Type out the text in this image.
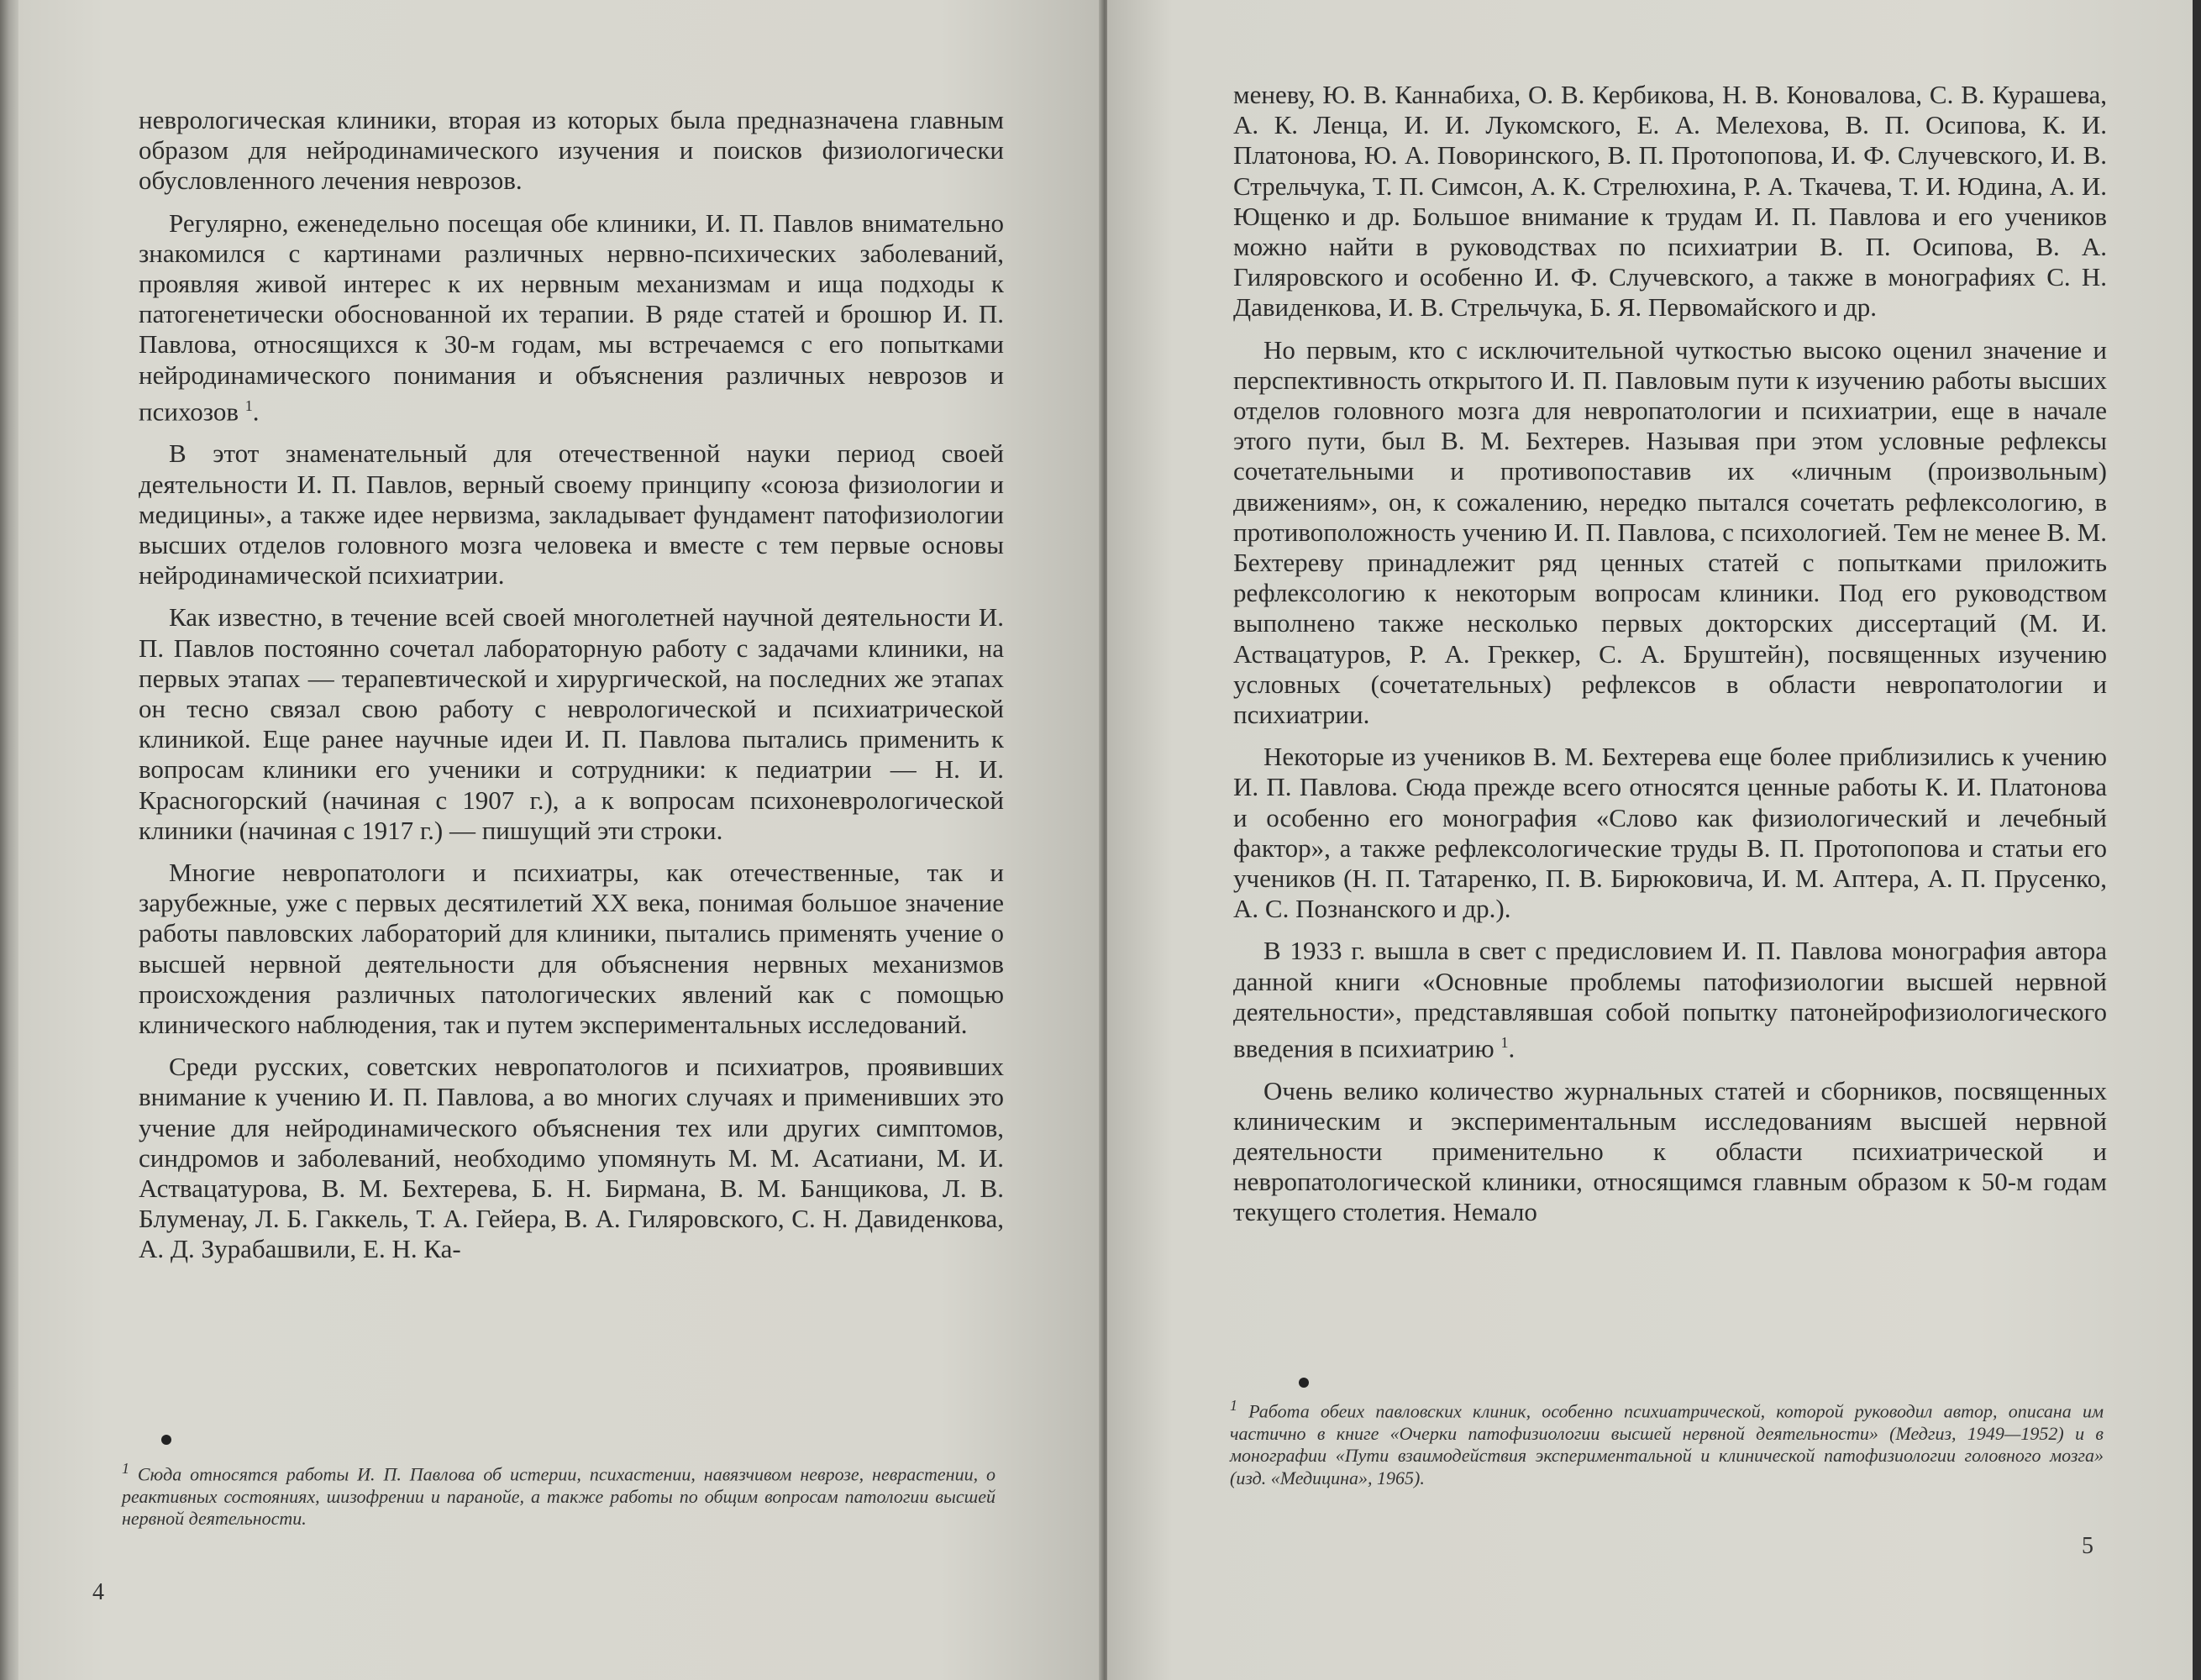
неврологическая клиники, вторая из которых была предназначена главным образом для нейродинамического изучения и поисков физиологически обусловленного лечения неврозов.

Регулярно, еженедельно посещая обе клиники, И. П. Павлов внимательно знакомился с картинами различных нервно-психических заболеваний, проявляя живой интерес к их нервным механизмам и ища подходы к патогенетически обоснованной их терапии. В ряде статей и брошюр И. П. Павлова, относящихся к 30-м годам, мы встречаемся с его попытками нейродинамического понимания и объяснения различных неврозов и психозов $^1$.

В этот знаменательный для отечественной науки период своей деятельности И. П. Павлов, верный своему принципу «союза физиологии и медицины», а также идее нервизма, закладывает фундамент патофизиологии высших отделов головного мозга человека и вместе с тем первые основы нейродинамической психиатрии.

Как известно, в течение всей своей многолетней научной деятельности И. П. Павлов постоянно сочетал лабораторную работу с задачами клиники, на первых этапах — терапевтической и хирургической, на последних же этапах он тесно связал свою работу с неврологической и психиатрической клиникой. Еще ранее научные идеи И. П. Павлова пытались применить к вопросам клиники его ученики и сотрудники: к педиатрии — Н. И. Красногорский (начиная с 1907 г.), а к вопросам психоневрологической клиники (начиная с 1917 г.) — пишущий эти строки.

Многие невропатологи и психиатры, как отечественные, так и зарубежные, уже с первых десятилетий XX века, понимая большое значение работы павловских лабораторий для клиники, пытались применять учение о высшей нервной деятельности для объяснения нервных механизмов происхождения различных патологических явлений как с помощью клинического наблюдения, так и путем экспериментальных исследований.

Среди русских, советских невропатологов и психиатров, проявивших внимание к учению И. П. Павлова, а во многих случаях и применивших это учение для нейродинамического объяснения тех или других симптомов, синдромов и заболеваний, необходимо упомянуть М. М. Асатиани, М. И. Аствацатурова, В. М. Бехтерева, Б. Н. Бирмана, В. М. Банщикова, Л. В. Блуменау, Л. Б. Гаккель, Т. А. Гейера, В. А. Гиляровского, С. Н. Давиденкова, А. Д. Зурабашвили, Е. Н. Ка-

$^1$ Сюда относятся работы И. П. Павлова об истерии, психастении, навязчивом неврозе, неврастении, о реактивных состояниях, шизофрении и паранойе, а также работы по общим вопросам патологии высшей нервной деятельности.
4

меневу, Ю. В. Каннабиха, О. В. Кербикова, Н. В. Коновалова, С. В. Курашева, А. К. Ленца, И. И. Лукомского, Е. А. Мелеховa, В. П. Осипова, К. И. Платонова, Ю. А. Поворинского, В. П. Протопопова, И. Ф. Случевского, И. В. Стрельчука, Т. П. Симсон, А. К. Стрелюхина, Р. А. Ткачева, Т. И. Юдина, А. И. Ющенко и др. Большое внимание к трудам И. П. Павлова и его учеников можно найти в руководствах по психиатрии В. П. Осипова, В. А. Гиляровского и особенно И. Ф. Случевского, а также в монографиях С. Н. Давиденкова, И. В. Стрельчука, Б. Я. Первомайского и др.

Но первым, кто с исключительной чуткостью высоко оценил значение и перспективность открытого И. П. Павловым пути к изучению работы высших отделов головного мозга для невропатологии и психиатрии, еще в начале этого пути, был В. М. Бехтерев. Называя при этом условные рефлексы сочетательными и противопоставив их «личным (произвольным) движениям», он, к сожалению, нередко пытался сочетать рефлексологию, в противоположность учению И. П. Павлова, с психологией. Тем не менее В. М. Бехтереву принадлежит ряд ценных статей с попытками приложить рефлексологию к некоторым вопросам клиники. Под его руководством выполнено также несколько первых докторских диссертаций (М. И. Аствацатуров, Р. А. Греккер, С. А. Бруштейн), посвященных изучению условных (сочетательных) рефлексов в области невропатологии и психиатрии.

Некоторые из учеников В. М. Бехтерева еще более приблизились к учению И. П. Павлова. Сюда прежде всего относятся ценные работы К. И. Платонова и особенно его монография «Слово как физиологический и лечебный фактор», а также рефлексологические труды В. П. Протопопова и статьи его учеников (Н. П. Татаренко, П. В. Бирюковича, И. М. Аптера, А. П. Прусенко, А. С. Познанского и др.).

В 1933 г. вышла в свет с предисловием И. П. Павлова монография автора данной книги «Основные проблемы патофизиологии высшей нервной деятельности», представлявшая собой попытку патонейрофизиологического введения в психиатрию $^1$.

Очень велико количество журнальных статей и сборников, посвященных клиническим и экспериментальным исследованиям высшей нервной деятельности применительно к области психиатрической и невропатологической клиники, относящимся главным образом к 50-м годам текущего столетия. Немало

$^1$ Работа обеих павловских клиник, особенно психиатрической, которой руководил автор, описана им частично в книге «Очерки патофизиологии высшей нервной деятельности» (Медгиз, 1949—1952) и в монографии «Пути взаимодействия экспериментальной и клинической патофизиологии головного мозга» (изд. «Медицина», 1965).
5
